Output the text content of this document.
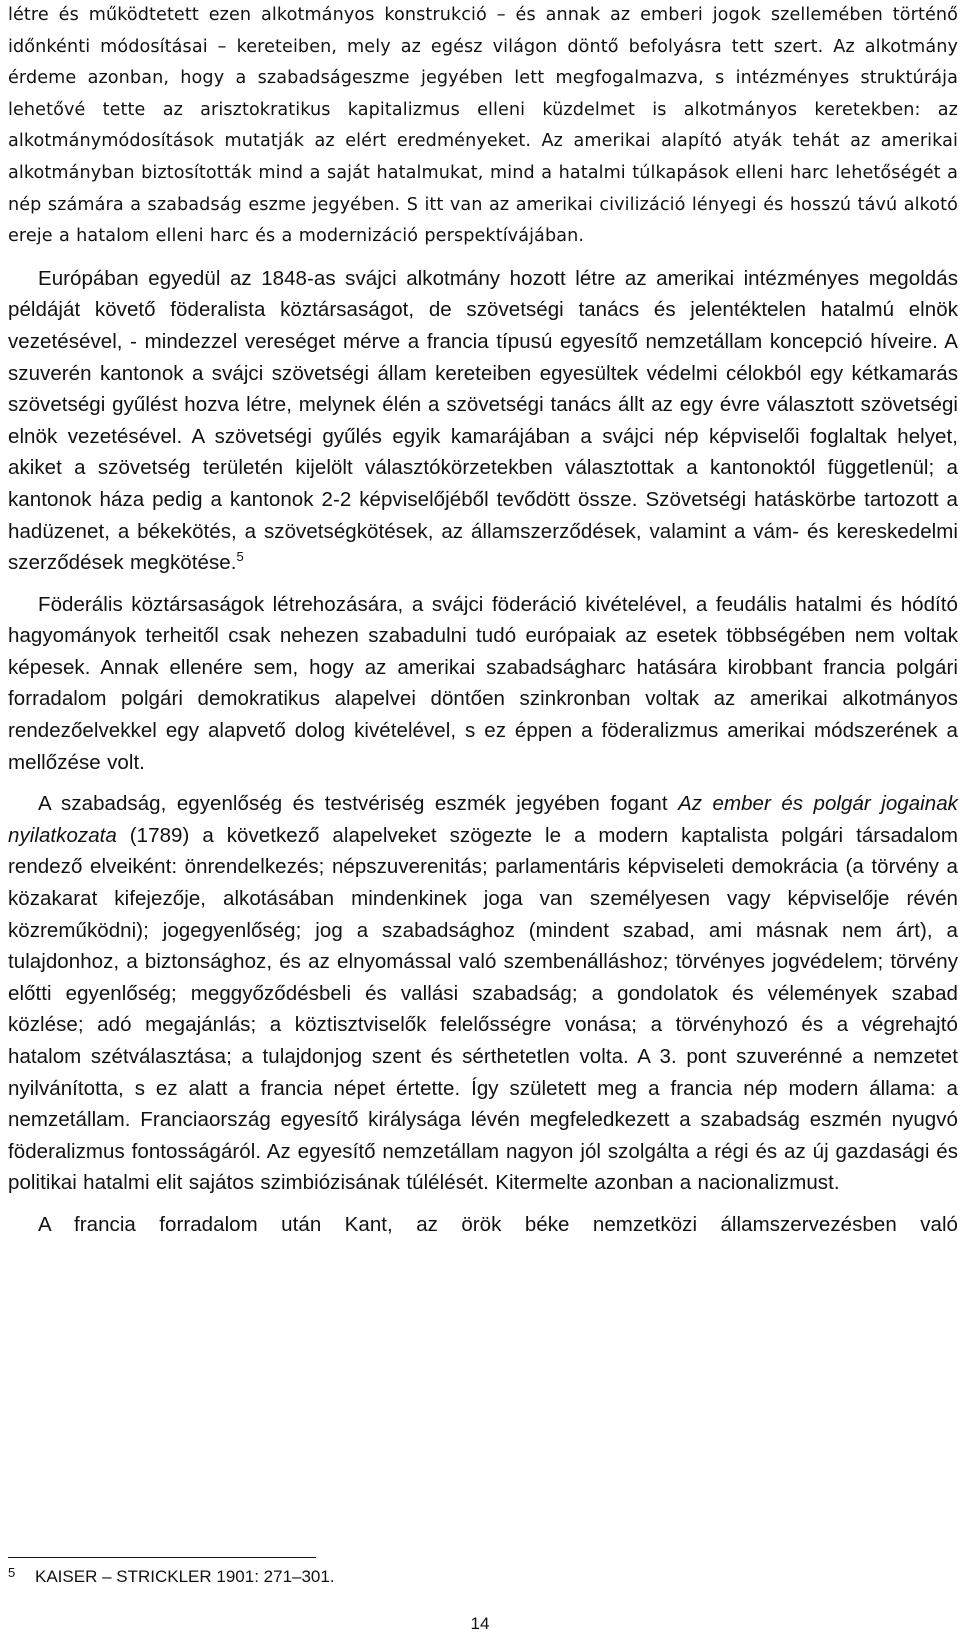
létre és működtetett ezen alkotmányos konstrukció – és annak az emberi jogok szellemében történő időnkénti módosításai – kereteiben, mely az egész világon döntő befolyásra tett szert. Az alkotmány érdeme azonban, hogy a szabadságeszme jegyében lett megfogalmazva, s intézményes struktúrája lehetővé tette az arisztokratikus kapitalizmus elleni küzdelmet is alkotmányos keretekben: az alkotmánymódosítások mutatják az elért eredményeket. Az amerikai alapító atyák tehát az amerikai alkotmányban biztosították mind a saját hatalmukat, mind a hatalmi túlkapások elleni harc lehetőségét a nép számára a szabadság eszme jegyében. S itt van az amerikai civilizáció lényegi és hosszú távú alkotó ereje a hatalom elleni harc és a modernizáció perspektívájában.

Európában egyedül az 1848-as svájci alkotmány hozott létre az amerikai intézményes megoldás példáját követő föderalista köztársaságot, de szövetségi tanács és jelentéktelen hatalmú elnök vezetésével, - mindezzel vereséget mérve a francia típusú egyesítő nemzetállam koncepció híveire. A szuverén kantonok a svájci szövetségi állam kereteiben egyesültek védelmi célokból egy kétkamarás szövetségi gyűlést hozva létre, melynek élén a szövetségi tanács állt az egy évre választott szövetségi elnök vezetésével. A szövetségi gyűlés egyik kamarájában a svájci nép képviselői foglaltak helyet, akiket a szövetség területén kijelölt választókörzetekben választottak a kantonoktól függetlenül; a kantonok háza pedig a kantonok 2-2 képviselőjéből tevődött össze. Szövetségi hatáskörbe tartozott a hadüzenet, a békekötés, a szövetségkötések, az államszerződések, valamint a vám- és kereskedelmi szerződések megkötése.$^5$

Föderális köztársaságok létrehozására, a svájci föderáció kivételével, a feudális hatalmi és hódító hagyományok terheitől csak nehezen szabadulni tudó európaiak az esetek többségében nem voltak képesek. Annak ellenére sem, hogy az amerikai szabadságharc hatására kirobbant francia polgári forradalom polgári demokratikus alapelvei döntően szinkronban voltak az amerikai alkotmányos rendezőelvekkel egy alapvető dolog kivételével, s ez éppen a föderalizmus amerikai módszerének a mellőzése volt.

A szabadság, egyenlőség és testvériség eszmék jegyében fogant Az ember és polgár jogainak nyilatkozata (1789) a következő alapelveket szögezte le a modern kaptalista polgári társadalom rendező elveiként: önrendelkezés; népszuverenitás; parlamentáris képviseleti demokrácia (a törvény a közakarat kifejezője, alkotásában mindenkinek joga van személyesen vagy képviselője révén közreműködni); jogegyenlőség; jog a szabadsághoz (mindent szabad, ami másnak nem árt), a tulajdonhoz, a biztonsághoz, és az elnyomással való szembenálláshoz; törvényes jogvédelem; törvény előtti egyenlőség; meggyőződésbeli és vallási szabadság; a gondolatok és vélemények szabad közlése; adó megajánlás; a köztisztviselők felelősségre vonása; a törvényhozó és a végrehajtó hatalom szétválasztása; a tulajdonjog szent és sérthetetlen volta. A 3. pont szuverénné a nemzetet nyilvánította, s ez alatt a francia népet értette. Így született meg a francia nép modern állama: a nemzetállam. Franciaország egyesítő királysága lévén megfeledkezett a szabadság eszmén nyugvó föderalizmus fontosságáról. Az egyesítő nemzetállam nagyon jól szolgálta a régi és az új gazdasági és politikai hatalmi elit sajátos szimbiózisának túlélését. Kitermelte azonban a nacionalizmust.

A francia forradalom után Kant, az örök béke nemzetközi államszervezésben való

5 KAISER – STRICKLER 1901: 271–301.
14
